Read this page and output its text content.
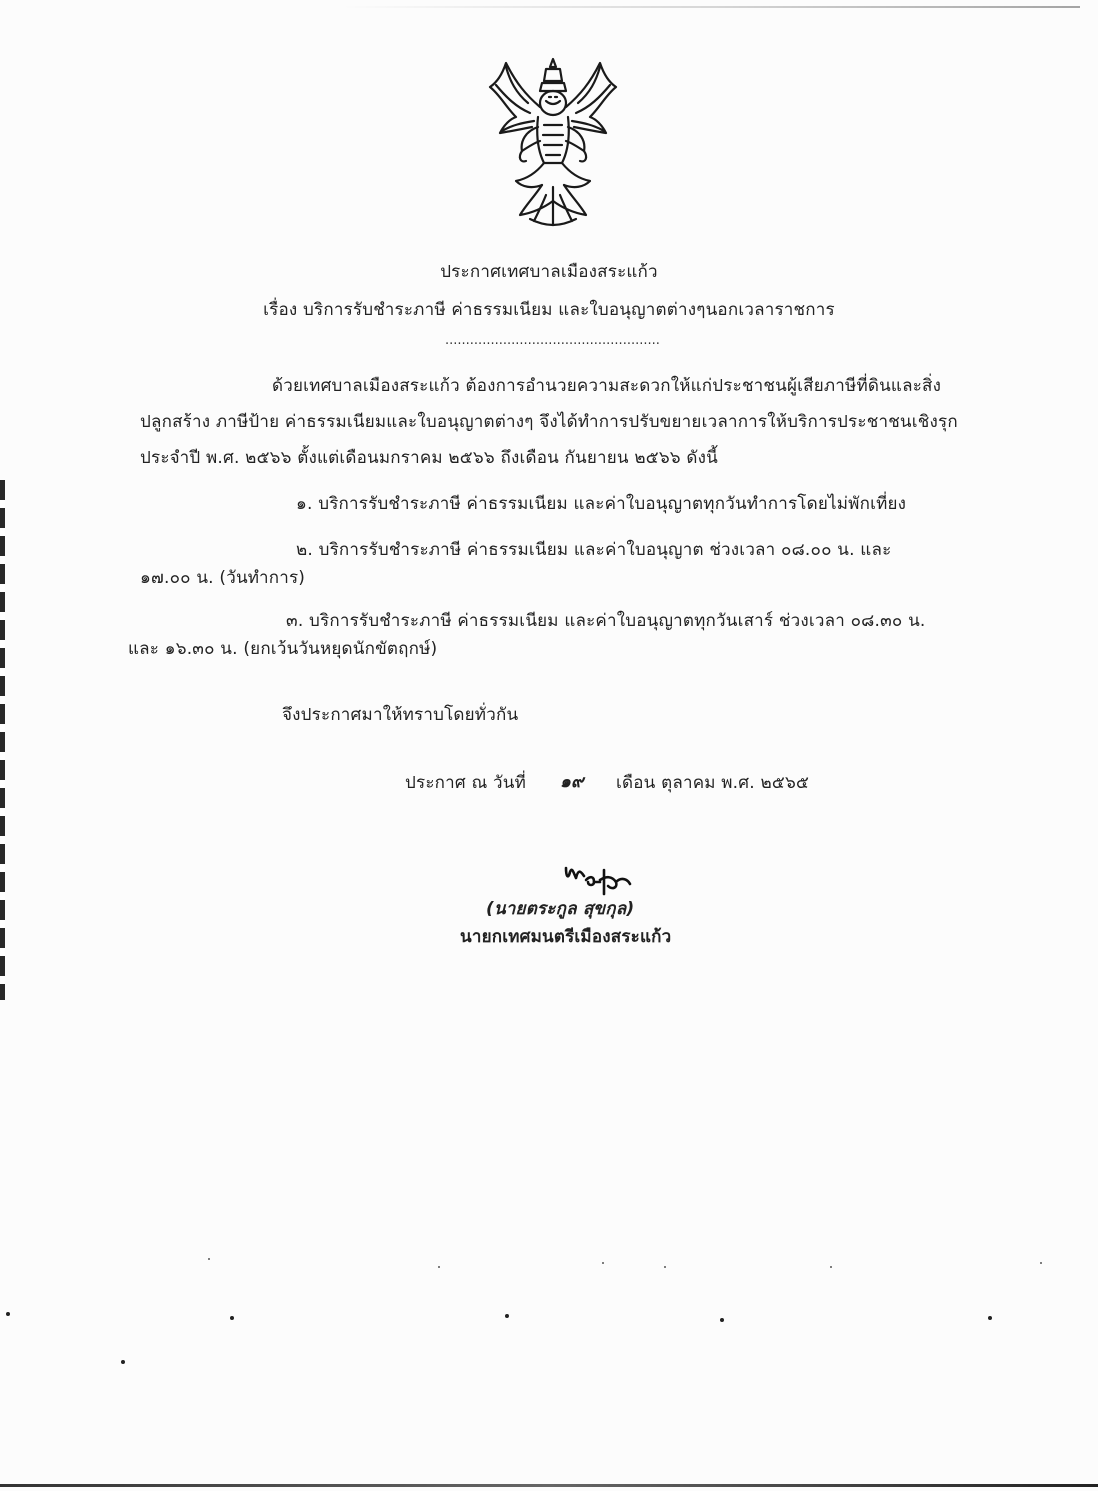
ประกาศเทศบาลเมืองสระแก้ว
เรื่อง บริการรับชำระภาษี ค่าธรรมเนียม และใบอนุญาตต่างๆนอกเวลาราชการ
....................................................
ด้วยเทศบาลเมืองสระแก้ว ต้องการอำนวยความสะดวกให้แก่ประชาชนผู้เสียภาษีที่ดินและสิ่ง
ปลูกสร้าง ภาษีป้าย ค่าธรรมเนียมและใบอนุญาตต่างๆ จึงได้ทำการปรับขยายเวลาการให้บริการประชาชนเชิงรุก
ประจำปี พ.ศ. ๒๕๖๖ ตั้งแต่เดือนมกราคม ๒๕๖๖ ถึงเดือน กันยายน ๒๕๖๖ ดังนี้
๑. บริการรับชำระภาษี ค่าธรรมเนียม และค่าใบอนุญาตทุกวันทำการโดยไม่พักเที่ยง
๒. บริการรับชำระภาษี ค่าธรรมเนียม และค่าใบอนุญาต ช่วงเวลา ๐๘.๐๐ น. และ
๑๗.๐๐ น. (วันทำการ)
๓. บริการรับชำระภาษี ค่าธรรมเนียม และค่าใบอนุญาตทุกวันเสาร์ ช่วงเวลา ๐๘.๓๐ น.
และ ๑๖.๓๐ น. (ยกเว้นวันหยุดนักขัตฤกษ์)
จึงประกาศมาให้ทราบโดยทั่วกัน
ประกาศ ณ วันที่ ๑๙ เดือน ตุลาคม พ.ศ. ๒๕๖๕
(นายตระกูล สุขกุล)
นายกเทศมนตรีเมืองสระแก้ว
